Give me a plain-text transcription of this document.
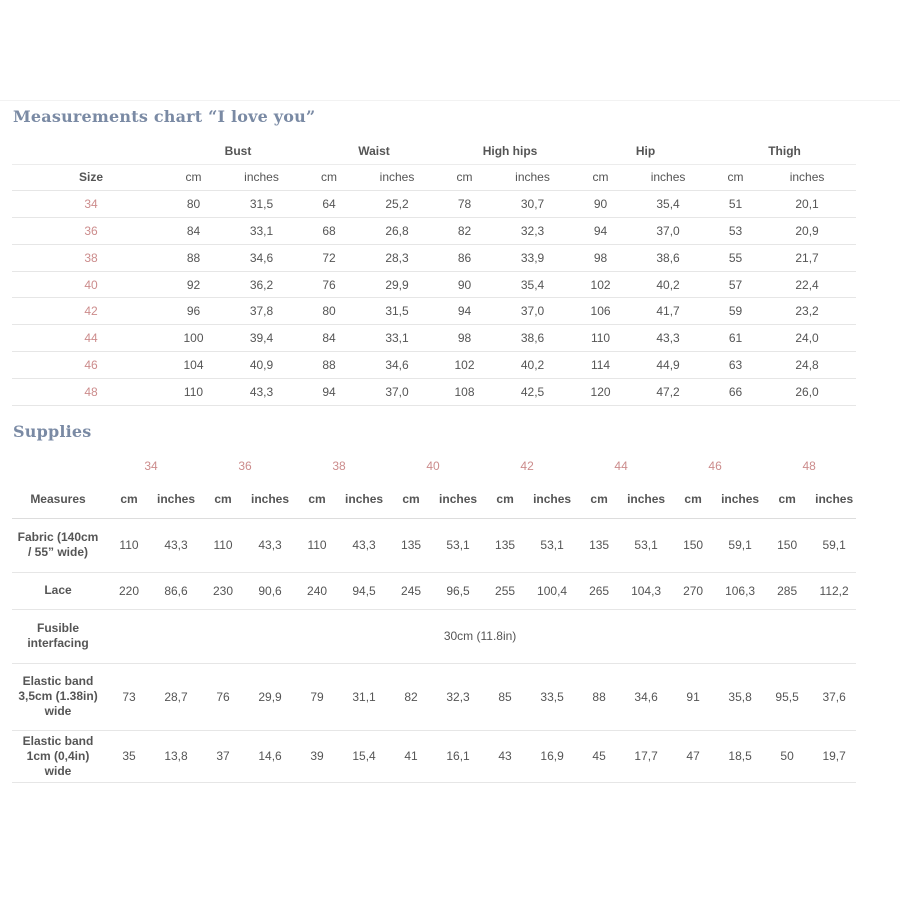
Measurements chart “I love you”
	Bust		Waist		High hips		Hip		Thigh	
Size	cm	inches	cm	inches	cm	inches	cm	inches	cm	inches
34	80	31,5	64	25,2	78	30,7	90	35,4	51	20,1
36	84	33,1	68	26,8	82	32,3	94	37,0	53	20,9
38	88	34,6	72	28,3	86	33,9	98	38,6	55	21,7
40	92	36,2	76	29,9	90	35,4	102	40,2	57	22,4
42	96	37,8	80	31,5	94	37,0	106	41,7	59	23,2
44	100	39,4	84	33,1	98	38,6	110	43,3	61	24,0
46	104	40,9	88	34,6	102	40,2	114	44,9	63	24,8
48	110	43,3	94	37,0	108	42,5	120	47,2	66	26,0
Supplies
	34		36		38		40		42		44		46		48	
Measures	cm	inches	cm	inches	cm	inches	cm	inches	cm	inches	cm	inches	cm	inches	cm	inches
Fabric (140cm / 55” wide)	110	43,3	110	43,3	110	43,3	135	53,1	135	53,1	135	53,1	150	59,1	150	59,1
Lace	220	86,6	230	90,6	240	94,5	245	96,5	255	100,4	265	104,3	270	106,3	285	112,2
Fusible interfacing	30cm (11.8in)															
Elastic band 3,5cm (1.38in) wide	73	28,7	76	29,9	79	31,1	82	32,3	85	33,5	88	34,6	91	35,8	95,5	37,6
Elastic band 1cm (0,4in) wide	35	13,8	37	14,6	39	15,4	41	16,1	43	16,9	45	17,7	47	18,5	50	19,7
